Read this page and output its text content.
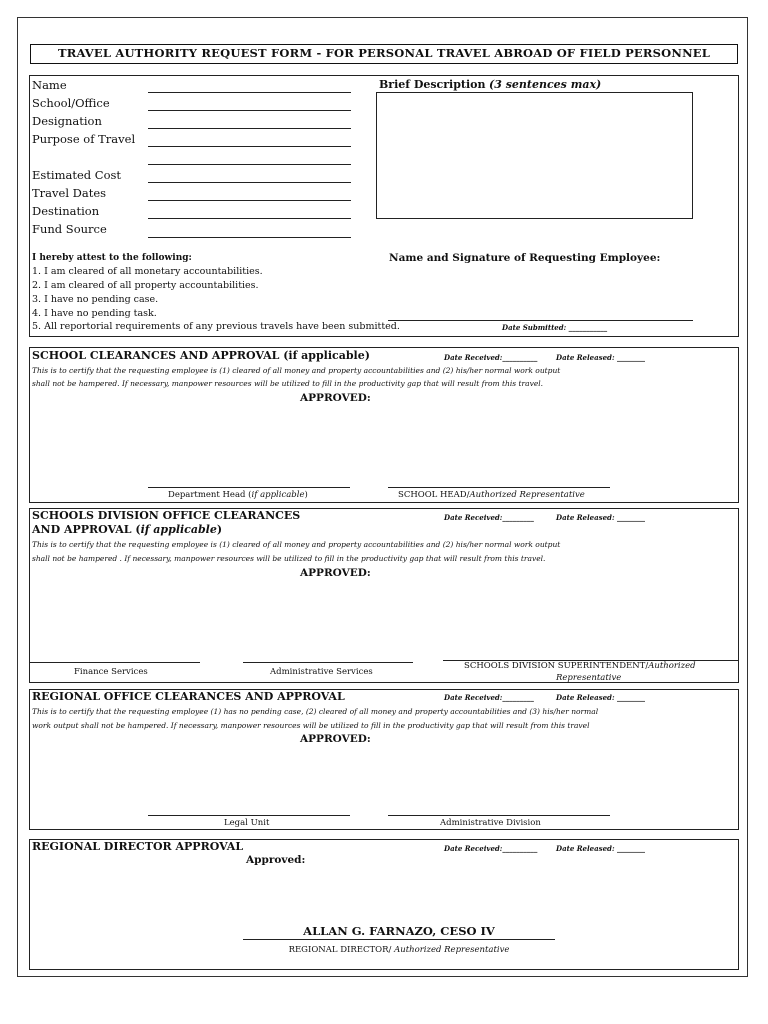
TRAVEL AUTHORITY REQUEST FORM - FOR PERSONAL TRAVEL ABROAD OF FIELD PERSONNEL
Name
School/Office
Designation
Purpose of Travel
Estimated Cost
Travel Dates
Destination
Fund Source
Brief Description (3 sentences max)
I hereby attest to the following:
1. I am cleared of all monetary accountabilities.
2. I am cleared of all property accountabilities.
3. I have no pending case.
4. I have no pending task.
5. All reportorial requirements of any previous travels have been submitted.
Name and Signature of Requesting Employee:
Date Submitted: ___________
SCHOOL CLEARANCES AND APPROVAL (if applicable)	Date Received:__________	Date Released: ________
This is to certify that the requesting employee is (1) cleared of all money and property accountabilities and (2) his/her normal work output
shall not be hampered. If necessary, manpower resources will be utilized to fill in the productivity gap that will result from this travel.
APPROVED:
Department Head (if applicable)	SCHOOL HEAD/Authorized Representative
SCHOOLS DIVISION OFFICE CLEARANCES
AND APPROVAL (if applicable)
Date Received:_________	Date Released: ________
This is to certify that the requesting employee is (1) cleared of all money and property accountabilities and (2) his/her normal work output
shall not be hampered . If necessary, manpower resources will be utilized to fill in the productivity gap that will result from this travel.
APPROVED:
Finance Services	Administrative Services
SCHOOLS DIVISION SUPERINTENDENT/Authorized
Representative
REGIONAL OFFICE CLEARANCES AND APPROVAL	Date Received:_________	Date Released: ________
This is to certify that the requesting employee (1) has no pending case, (2) cleared of all money and property accountabilities and (3) his/her normal
work output shall not be hampered. If necessary, manpower resources will be utilized to fill in the productivity gap that will result from this travel
APPROVED:
Legal Unit	Administrative Division
REGIONAL DIRECTOR APPROVAL	Date Received:__________	Date Released: ________
Approved:
ALLAN G. FARNAZO, CESO IV
REGIONAL DIRECTOR/ Authorized Representative
